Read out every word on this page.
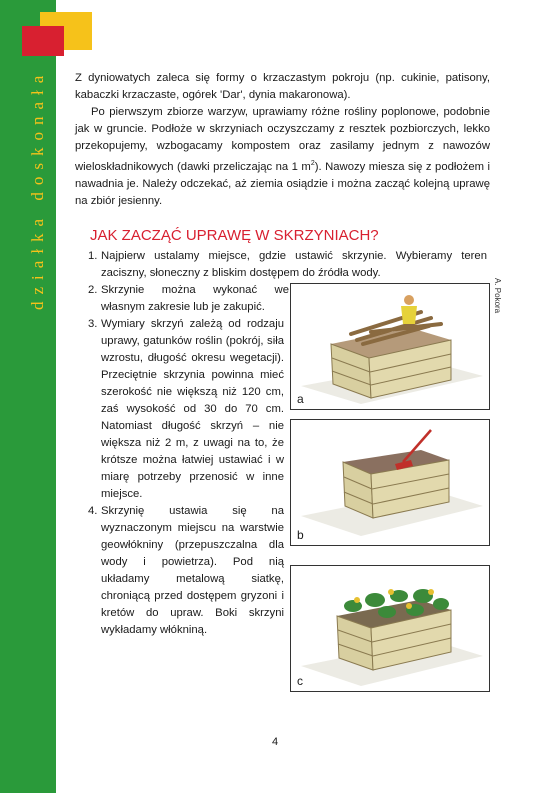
działka doskonała Z dyniowatych zaleca się formy o krzaczastym pokroju (np. cukinie, patisony, kabaczki krzaczaste, ogórek 'Dar', dynia makaronowa).

Po pierwszym zbiorze warzyw, uprawiamy różne rośliny poplonowe, podobnie jak w gruncie. Podłoże w skrzyniach oczyszczamy z resztek pozbiorczych, lekko przekopujemy, wzbogacamy kompostem oraz zasilamy jednym z nawozów wieloskładnikowych (dawki przeliczając na 1 $m^2$). Nawozy miesza się z podłożem i nawadnia je. Należy odczekać, aż ziemia osiądzie i można zacząć kolejną uprawę na zbiór jesienny.

JAK ZACZĄĆ UPRAWĘ W SKRZYNIACH?
1. Najpierw ustalamy miejsce, gdzie ustawić skrzynie. Wybieramy teren zaciszny, słoneczny z bliskim dostępem do źródła wody.
2. Skrzynie można wykonać we własnym zakresie lub je zakupić.
3. Wymiary skrzyń zależą od rodzaju uprawy, gatunków roślin (pokrój, siła wzrostu, długość okresu wegetacji). Przeciętnie skrzynia powinna mieć szerokość nie większą niż 120 cm, zaś wysokość od 30 do 70 cm. Natomiast długość skrzyń – nie większa niż 2 m, z uwagi na to, że krótsze można łatwiej ustawiać i w miarę potrzeby przenosić w inne miejsce.
4. Skrzynię ustawia się na wyznaczonym miejscu na warstwie geowłókniny (przepuszczalna dla wody i powietrza). Pod nią układamy metalową siatkę, chroniącą przed dostępem gryzoni i kretów do upraw. Boki skrzyni wykładamy włókniną.
a
b
c
A. Pokora
4
